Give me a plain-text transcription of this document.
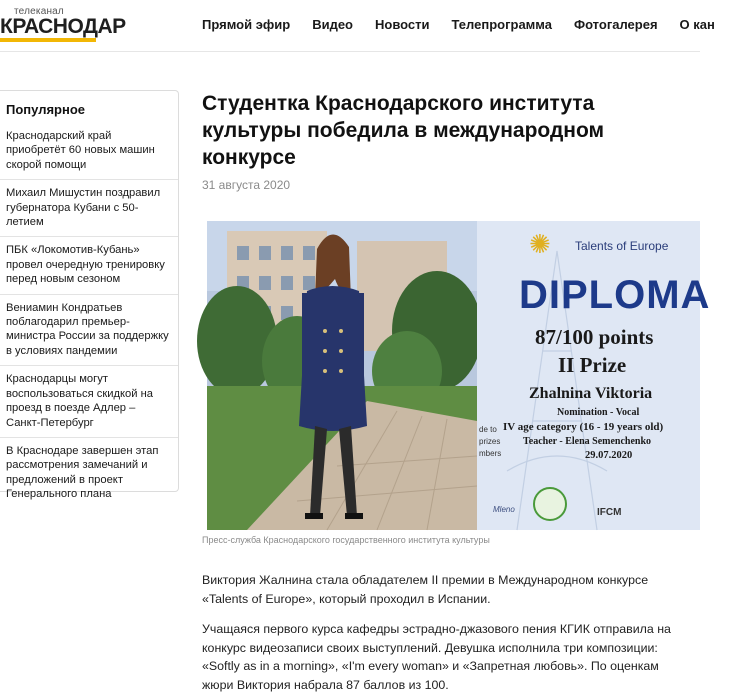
телеканал
КРАСНОДАР	Прямой эфир Видео Новости Телепрограмма Фотогалерея О кан
Популярное
Краснодарский край приобретёт 60 новых машин скорой помощи
Михаил Мишустин поздравил губернатора Кубани с 50-летием
ПБК «Локомотив-Кубань» провел очередную тренировку перед новым сезоном
Вениамин Кондратьев поблагодарил премьер-министра России за поддержку в условиях пандемии
Краснодарцы могут воспользоваться скидкой на проезд в поезде Адлер – Санкт-Петербург
В Краснодаре завершен этап рассмотрения замечаний и предложений в проект Генерального плана
Студентка Краснодарского института культуры победила в международном конкурсе
31 августа 2020
✺ Talents of Europe
DIPLOMA
87/100 points
II Prize
Zhalnina Viktoria
Nomination - Vocal
IV age category (16 - 19 years old)
Teacher - Elena Semenchenko
29.07.2020
de to
prizes
mbers
Mleno	IFCM
Пресс-служба Краснодарского государственного института культуры

Виктория Жалнина стала обладателем II премии в Международном конкурсе «Talents of Europe», который проходил в Испании.

Учащаяся первого курса кафедры эстрадно-джазового пения КГИК отправила на конкурс видеозаписи своих выступлений. Девушка исполнила три композиции: «Softly as in a morning», «I'm every woman» и «Запретная любовь». По оценкам жюри Виктория набрала 87 баллов из 100.
